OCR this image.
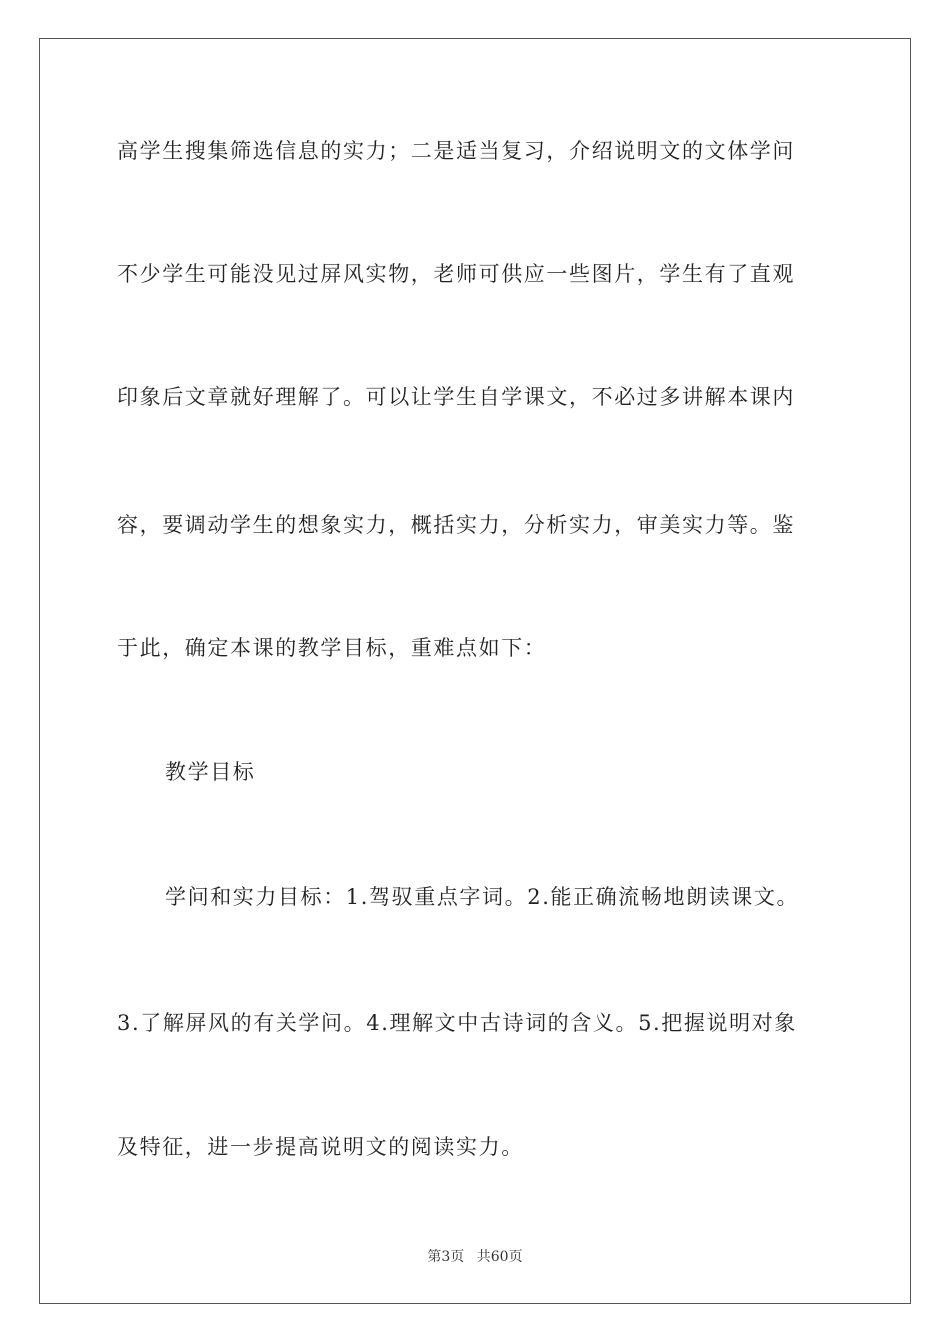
高学生搜集筛选信息的实力；二是适当复习，介绍说明文的文体学问
不少学生可能没见过屏风实物，老师可供应一些图片，学生有了直观
印象后文章就好理解了。可以让学生自学课文，不必过多讲解本课内
容，要调动学生的想象实力，概括实力，分析实力，审美实力等。鉴
于此，确定本课的教学目标，重难点如下：
教学目标
学问和实力目标：1.驾驭重点字词。2.能正确流畅地朗读课文。
3.了解屏风的有关学问。4.理解文中古诗词的含义。5.把握说明对象
及特征，进一步提高说明文的阅读实力。
第3页 共60页
